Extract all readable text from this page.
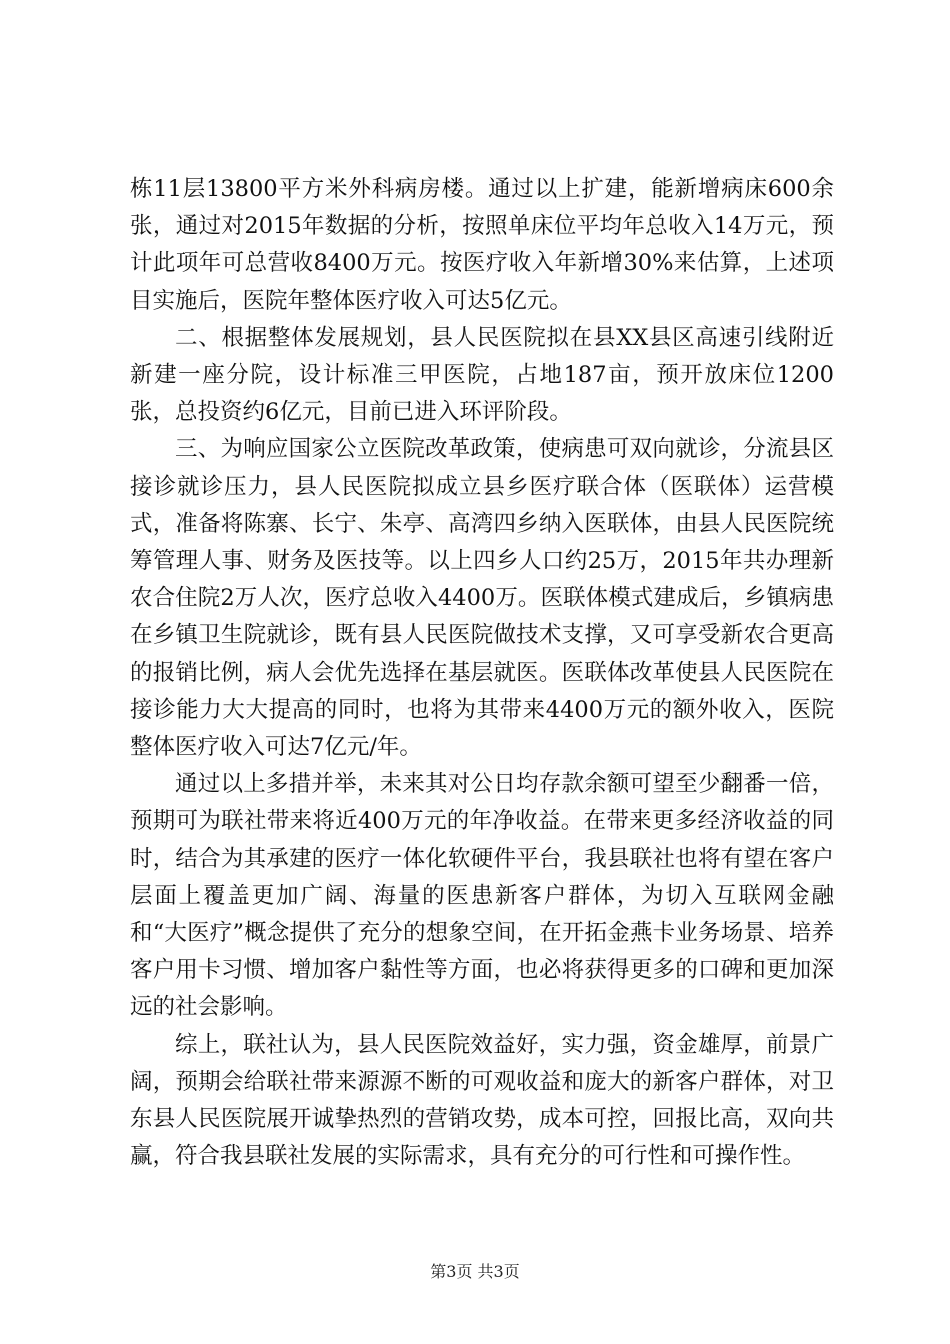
栋11层13800平方米外科病房楼。通过以上扩建，能新增病床600余张，通过对2015年数据的分析，按照单床位平均年总收入14万元，预计此项年可总营收8400万元。按医疗收入年新增30%来估算，上述项目实施后，医院年整体医疗收入可达5亿元。

二、根据整体发展规划，县人民医院拟在县XX县区高速引线附近新建一座分院，设计标准三甲医院，占地187亩，预开放床位1200张，总投资约6亿元，目前已进入环评阶段。

三、为响应国家公立医院改革政策，使病患可双向就诊，分流县区接诊就诊压力，县人民医院拟成立县乡医疗联合体（医联体）运营模式，准备将陈寨、长宁、朱亭、高湾四乡纳入医联体，由县人民医院统筹管理人事、财务及医技等。以上四乡人口约25万，2015年共办理新农合住院2万人次，医疗总收入4400万。医联体模式建成后，乡镇病患在乡镇卫生院就诊，既有县人民医院做技术支撑，又可享受新农合更高的报销比例，病人会优先选择在基层就医。医联体改革使县人民医院在接诊能力大大提高的同时，也将为其带来4400万元的额外收入，医院整体医疗收入可达7亿元/年。

通过以上多措并举，未来其对公日均存款余额可望至少翻番一倍，预期可为联社带来将近400万元的年净收益。在带来更多经济收益的同时，结合为其承建的医疗一体化软硬件平台，我县联社也将有望在客户层面上覆盖更加广阔、海量的医患新客户群体，为切入互联网金融和“大医疗”概念提供了充分的想象空间，在开拓金燕卡业务场景、培养客户用卡习惯、增加客户黏性等方面，也必将获得更多的口碑和更加深远的社会影响。

综上，联社认为，县人民医院效益好，实力强，资金雄厚，前景广阔，预期会给联社带来源源不断的可观收益和庞大的新客户群体，对卫东县人民医院展开诚挚热烈的营销攻势，成本可控，回报比高，双向共赢，符合我县联社发展的实际需求，具有充分的可行性和可操作性。

第3页 共3页
